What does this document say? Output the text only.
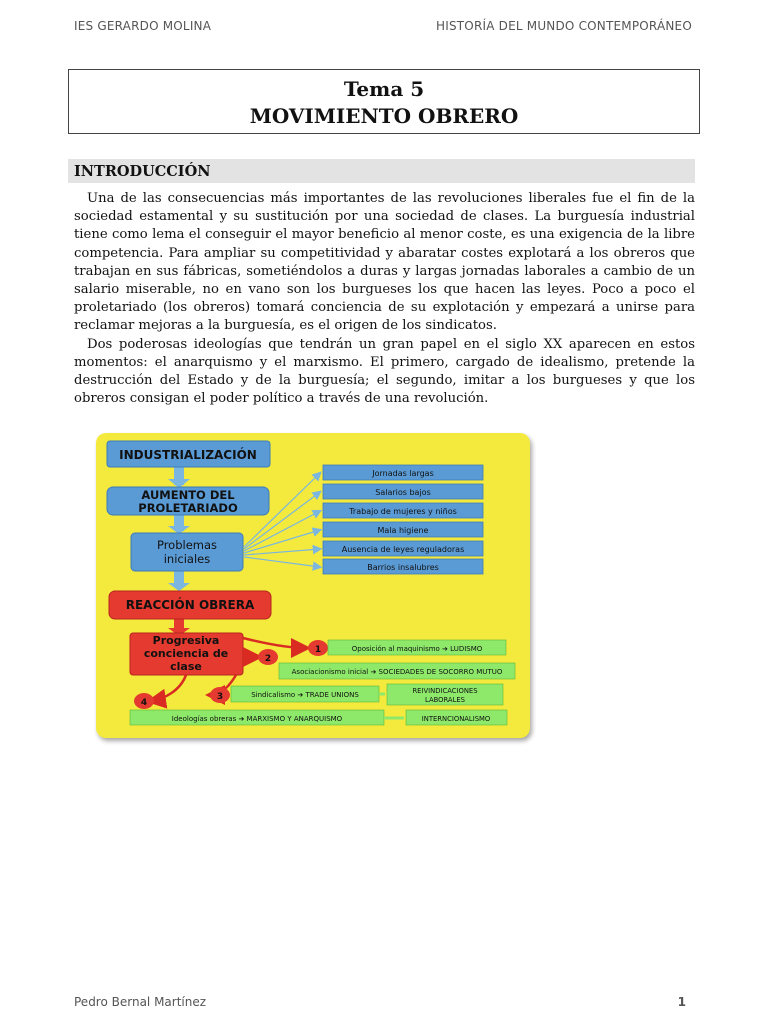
IES GERARDO MOLINA	HISTORÍA DEL MUNDO CONTEMPORÁNEO
Tema 5
MOVIMIENTO OBRERO
INTRODUCCIÓN

Una de las consecuencias más importantes de las revoluciones liberales fue el fin de la sociedad estamental y su sustitución por una sociedad de clases. La burguesía industrial tiene como lema el conseguir el mayor beneficio al menor coste, es una exigencia de la libre competencia. Para ampliar su competitividad y abaratar costes explotará a los obreros que trabajan en sus fábricas, sometiéndolos a duras y largas jornadas laborales a cambio de un salario miserable, no en vano son los burgueses los que hacen las leyes. Poco a poco el proletariado (los obreros) tomará conciencia de su explotación y empezará a unirse para reclamar mejoras a la burguesía, es el origen de los sindicatos.

Dos poderosas ideologías que tendrán un gran papel en el siglo XX aparecen en estos momentos: el anarquismo y el marxismo. El primero, cargado de idealismo, pretende la destrucción del Estado y de la burguesía; el segundo, imitar a los burgueses y que los obreros consigan el poder político a través de una revolución.

INDUSTRIALIZACIÓN
AUMENTO DEL
PROLETARIADO
Problemas
iniciales
Jornadas largas
Salarios bajos
Trabajo de mujeres y niños
Mala higiene
Ausencia de leyes reguladoras
Barrios insalubres
REACCIÓN OBRERA
Progresiva
conciencia de
clase
1
2
3
4
Oposición al maquinismo ➔ LUDISMO
Asociacionismo inicial ➔ SOCIEDADES DE SOCORRO MUTUO
Sindicalismo ➔ TRADE UNIONS	REIVINDICACIONES
LABORALES
Ideologías obreras ➔ MARXISMO Y ANARQUISMO	INTERNCIONALISMO
Pedro Bernal Martínez	1
